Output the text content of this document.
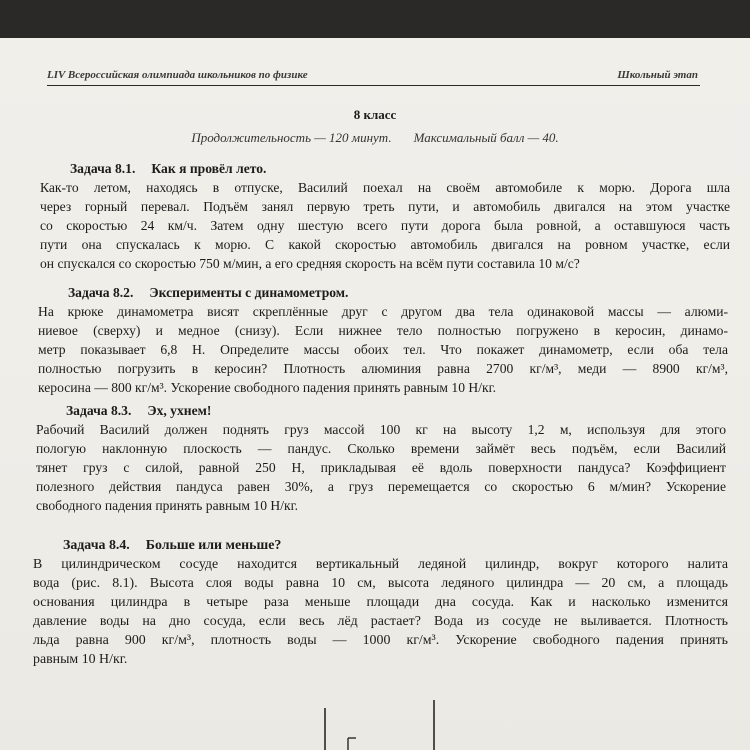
LIV Всероссийская олимпиада школьников по физике	Школьный этап
8 класс
Продолжительность — 120 минут. Максимальный балл — 40.
Задача 8.1. Как я провёл лето.
Как-то летом, находясь в отпуске, Василий поехал на своём автомобиле к морю. Дорога шла
через горный перевал. Подъём занял первую треть пути, и автомобиль двигался на этом участке
со скоростью 24 км/ч. Затем одну шестую всего пути дорога была ровной, а оставшуюся часть
пути она спускалась к морю. С какой скоростью автомобиль двигался на ровном участке, если
он спускался со скоростью 750 м/мин, а его средняя скорость на всём пути составила 10 м/с?
Задача 8.2. Эксперименты с динамометром.
На крюке динамометра висят скреплённые друг с другом два тела одинаковой массы — алюми-
ниевое (сверху) и медное (снизу). Если нижнее тело полностью погружено в керосин, динамо-
метр показывает 6,8 Н. Определите массы обоих тел. Что покажет динамометр, если оба тела
полностью погрузить в керосин? Плотность алюминия равна 2700 кг/м³, меди — 8900 кг/м³,
керосина — 800 кг/м³. Ускорение свободного падения принять равным 10 Н/кг.
Задача 8.3. Эх, ухнем!
Рабочий Василий должен поднять груз массой 100 кг на высоту 1,2 м, используя для этого
пологую наклонную плоскость — пандус. Сколько времени займёт весь подъём, если Василий
тянет груз с силой, равной 250 Н, прикладывая её вдоль поверхности пандуса? Коэффициент
полезного действия пандуса равен 30%, а груз перемещается со скоростью 6 м/мин? Ускорение
свободного падения принять равным 10 Н/кг.
Задача 8.4. Больше или меньше?
В цилиндрическом сосуде находится вертикальный ледяной цилиндр, вокруг которого налита
вода (рис. 8.1). Высота слоя воды равна 10 см, высота ледяного цилиндра — 20 см, а площадь
основания цилиндра в четыре раза меньше площади дна сосуда. Как и насколько изменится
давление воды на дно сосуда, если весь лёд растает? Вода из сосуде не выливается. Плотность
льда равна 900 кг/м³, плотность воды — 1000 кг/м³. Ускорение свободного падения принять
равным 10 Н/кг.
